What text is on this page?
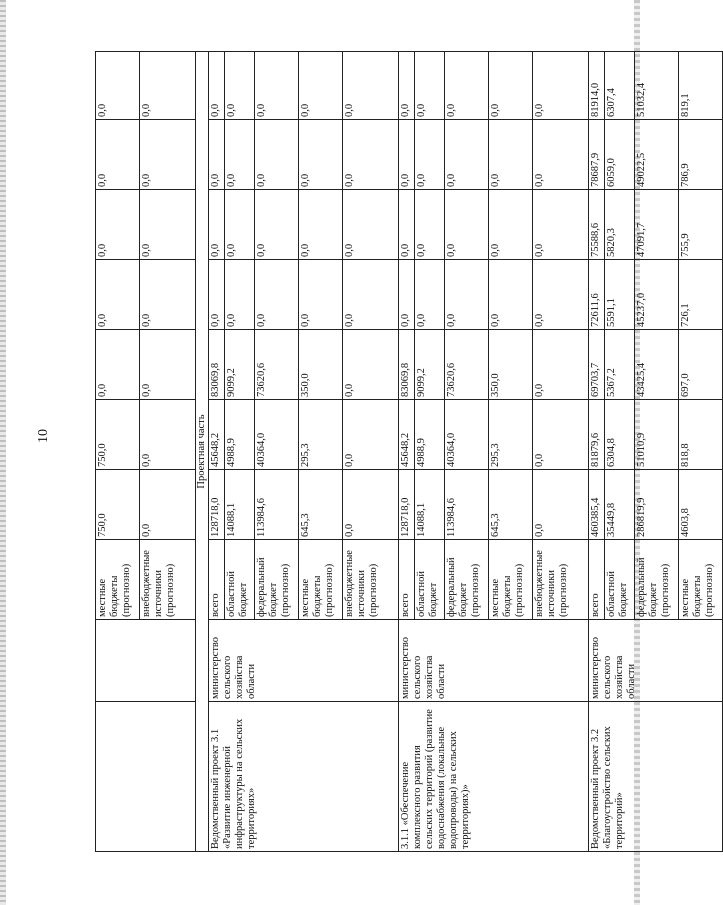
10
		местные бюджеты (прогнозно)	750,0	750,0	0,0	0,0	0,0	0,0	0,0
		внебюджетные источники (прогнозно)	0,0	0,0	0,0	0,0	0,0	0,0	0,0
Проектная часть									
Ведомственный проект 3.1 «Развитие инженерной инфраструктуры на сельских территориях»	министерство сельского хозяйства области	всего	128718,0	45648,2	83069,8	0,0	0,0	0,0	0,0
		областной бюджет	14088,1	4988,9	9099,2	0,0	0,0	0,0	0,0
		федеральный бюджет (прогнозно)	113984,6	40364,0	73620,6	0,0	0,0	0,0	0,0
		местные бюджеты (прогнозно)	645,3	295,3	350,0	0,0	0,0	0,0	0,0
		внебюджетные источники (прогнозно)	0,0	0,0	0,0	0,0	0,0	0,0	0,0
3.1.1 «Обеспечение комплексного развития сельских территорий (развитие водоснабжения (локальные водопроводы) на сельских территориях)»	министерство сельского хозяйства области	всего	128718,0	45648,2	83069,8	0,0	0,0	0,0	0,0
		областной бюджет	14088,1	4988,9	9099,2	0,0	0,0	0,0	0,0
		федеральный бюджет (прогнозно)	113984,6	40364,0	73620,6	0,0	0,0	0,0	0,0
		местные бюджеты (прогнозно)	645,3	295,3	350,0	0,0	0,0	0,0	0,0
		внебюджетные источники (прогнозно)	0,0	0,0	0,0	0,0	0,0	0,0	0,0
Ведомственный проект 3.2 «Благоустройство сельских территорий»	министерство сельского хозяйства области	всего	460385,4	81879,6	69703,7	72611,6	75588,6	78687,9	81914,0
		областной бюджет	35449,8	6304,8	5367,2	5591,1	5820,3	6059,0	6307,4
		федеральный бюджет (прогнозно)	286819,9	51010,9	43425,4	45237,0	47091,7	49022,5	51032,4
		местные бюджеты (прогнозно)	4603,8	818,8	697,0	726,1	755,9	786,9	819,1
